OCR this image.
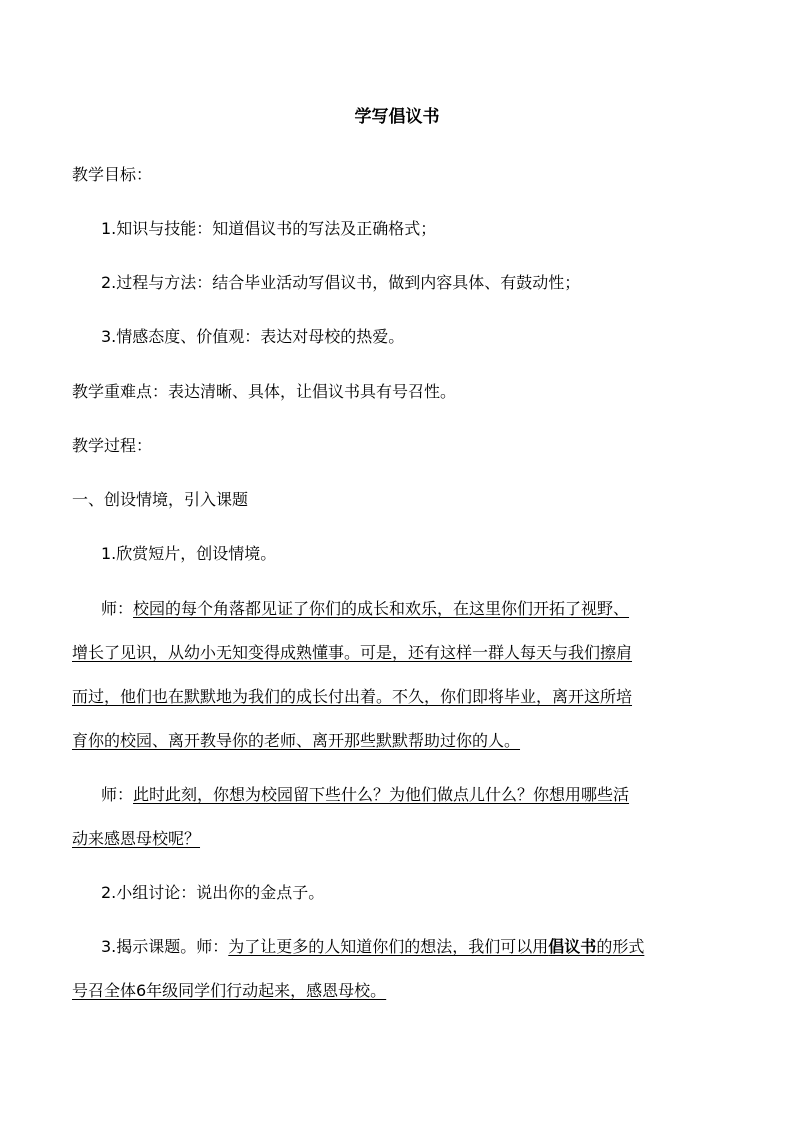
学写倡议书
教学目标：
1.知识与技能：知道倡议书的写法及正确格式；
2.过程与方法：结合毕业活动写倡议书，做到内容具体、有鼓动性；
3.情感态度、价值观：表达对母校的热爱。
教学重难点：表达清晰、具体，让倡议书具有号召性。
教学过程：
一、创设情境，引入课题
1.欣赏短片，创设情境。
师：校园的每个角落都见证了你们的成长和欢乐，在这里你们开拓了视野、
增长了见识，从幼小无知变得成熟懂事。可是，还有这样一群人每天与我们擦肩
而过，他们也在默默地为我们的成长付出着。不久，你们即将毕业，离开这所培
育你的校园、离开教导你的老师、离开那些默默帮助过你的人。
师：此时此刻，你想为校园留下些什么？为他们做点儿什么？你想用哪些活
动来感恩母校呢？
2.小组讨论：说出你的金点子。
3.揭示课题。师：为了让更多的人知道你们的想法，我们可以用倡议书的形式
号召全体6年级同学们行动起来，感恩母校。
